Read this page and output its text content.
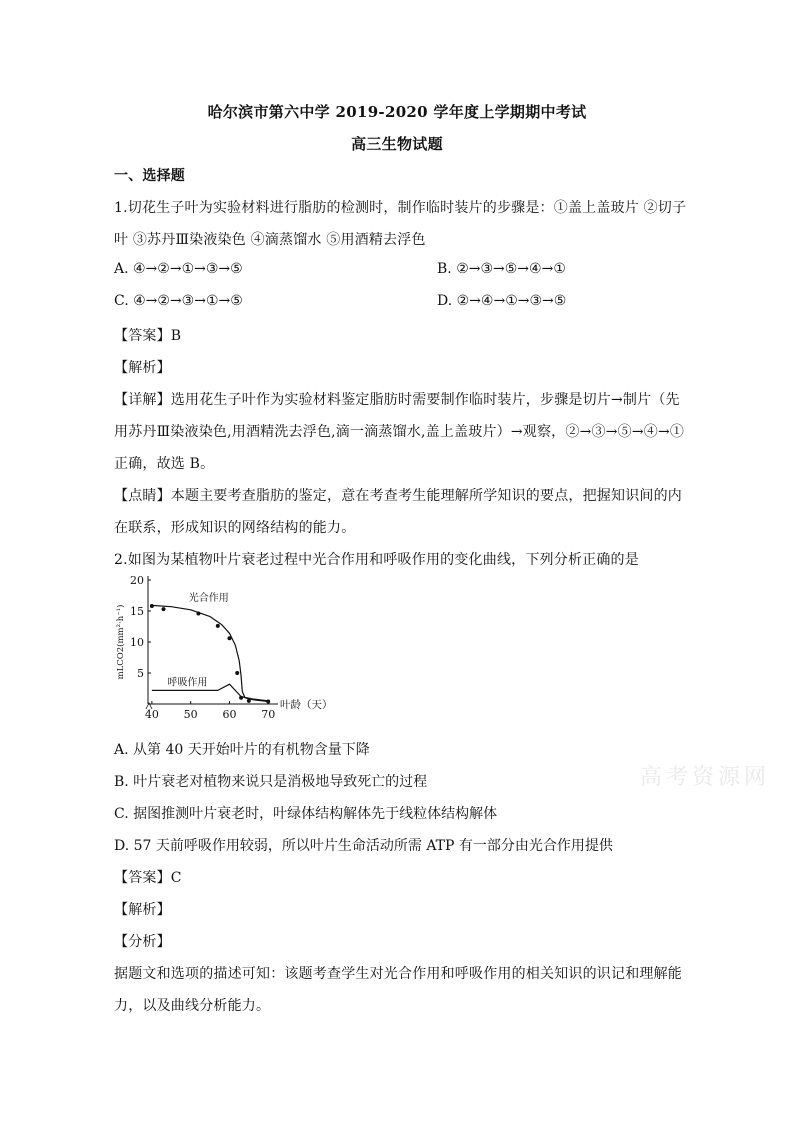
哈尔滨市第六中学 2019-2020 学年度上学期期中考试
高三生物试题
一、选择题
1.切花生子叶为实验材料进行脂肪的检测时，制作临时装片的步骤是：①盖上盖玻片 ②切子
叶 ③苏丹Ⅲ染液染色 ④滴蒸馏水 ⑤用酒精去浮色
A. ④→②→①→③→⑤	B. ②→③→⑤→④→①
C. ④→②→③→①→⑤	D. ②→④→①→③→⑤
【答案】B
【解析】
【详解】选用花生子叶作为实验材料鉴定脂肪时需要制作临时装片，步骤是切片→制片（先
用苏丹Ⅲ染液染色,用酒精洗去浮色,滴一滴蒸馏水,盖上盖玻片）→观察，②→③→⑤→④→①
正确，故选 B。
【点睛】本题主要考查脂肪的鉴定，意在考查考生能理解所学知识的要点，把握知识间的内
在联系，形成知识的网络结构的能力。
2.如图为某植物叶片衰老过程中光合作用和呼吸作用的变化曲线，下列分析正确的是
5
10
15
20
40 50 60 70
叶龄（天）
mLCO2(mm²·h⁻¹)
光合作用
呼吸作用
A. 从第 40 天开始叶片的有机物含量下降
B. 叶片衰老对植物来说只是消极地导致死亡的过程
C. 据图推测叶片衰老时，叶绿体结构解体先于线粒体结构解体
D. 57 天前呼吸作用较弱，所以叶片生命活动所需 ATP 有一部分由光合作用提供
【答案】C
【解析】
【分析】
据题文和选项的描述可知：该题考查学生对光合作用和呼吸作用的相关知识的识记和理解能
力，以及曲线分析能力。
高考资源网
